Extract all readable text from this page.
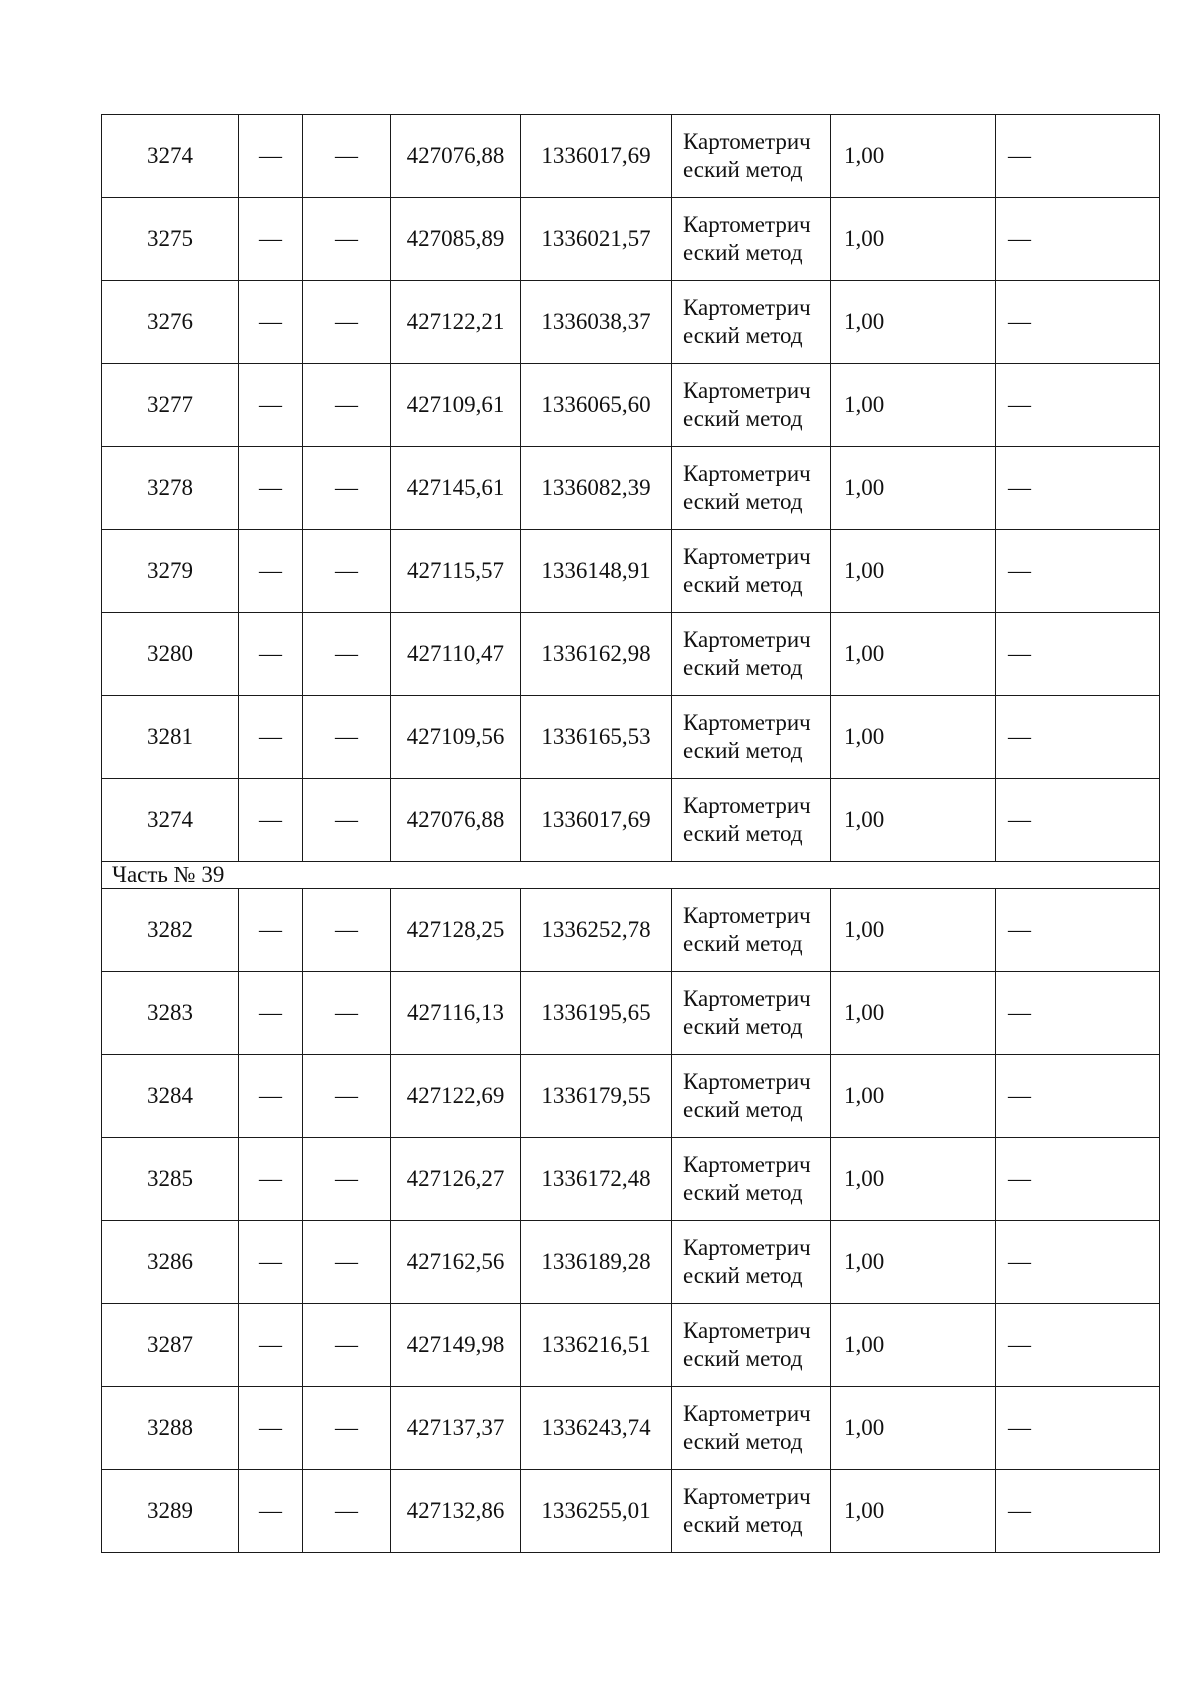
3274	—	—	427076,88	1336017,69	Картометрический метод	1,00	—
3275	—	—	427085,89	1336021,57	Картометрический метод	1,00	—
3276	—	—	427122,21	1336038,37	Картометрический метод	1,00	—
3277	—	—	427109,61	1336065,60	Картометрический метод	1,00	—
3278	—	—	427145,61	1336082,39	Картометрический метод	1,00	—
3279	—	—	427115,57	1336148,91	Картометрический метод	1,00	—
3280	—	—	427110,47	1336162,98	Картометрический метод	1,00	—
3281	—	—	427109,56	1336165,53	Картометрический метод	1,00	—
3274	—	—	427076,88	1336017,69	Картометрический метод	1,00	—
Часть № 39							
3282	—	—	427128,25	1336252,78	Картометрический метод	1,00	—
3283	—	—	427116,13	1336195,65	Картометрический метод	1,00	—
3284	—	—	427122,69	1336179,55	Картометрический метод	1,00	—
3285	—	—	427126,27	1336172,48	Картометрический метод	1,00	—
3286	—	—	427162,56	1336189,28	Картометрический метод	1,00	—
3287	—	—	427149,98	1336216,51	Картометрический метод	1,00	—
3288	—	—	427137,37	1336243,74	Картометрический метод	1,00	—
3289	—	—	427132,86	1336255,01	Картометрический метод	1,00	—
